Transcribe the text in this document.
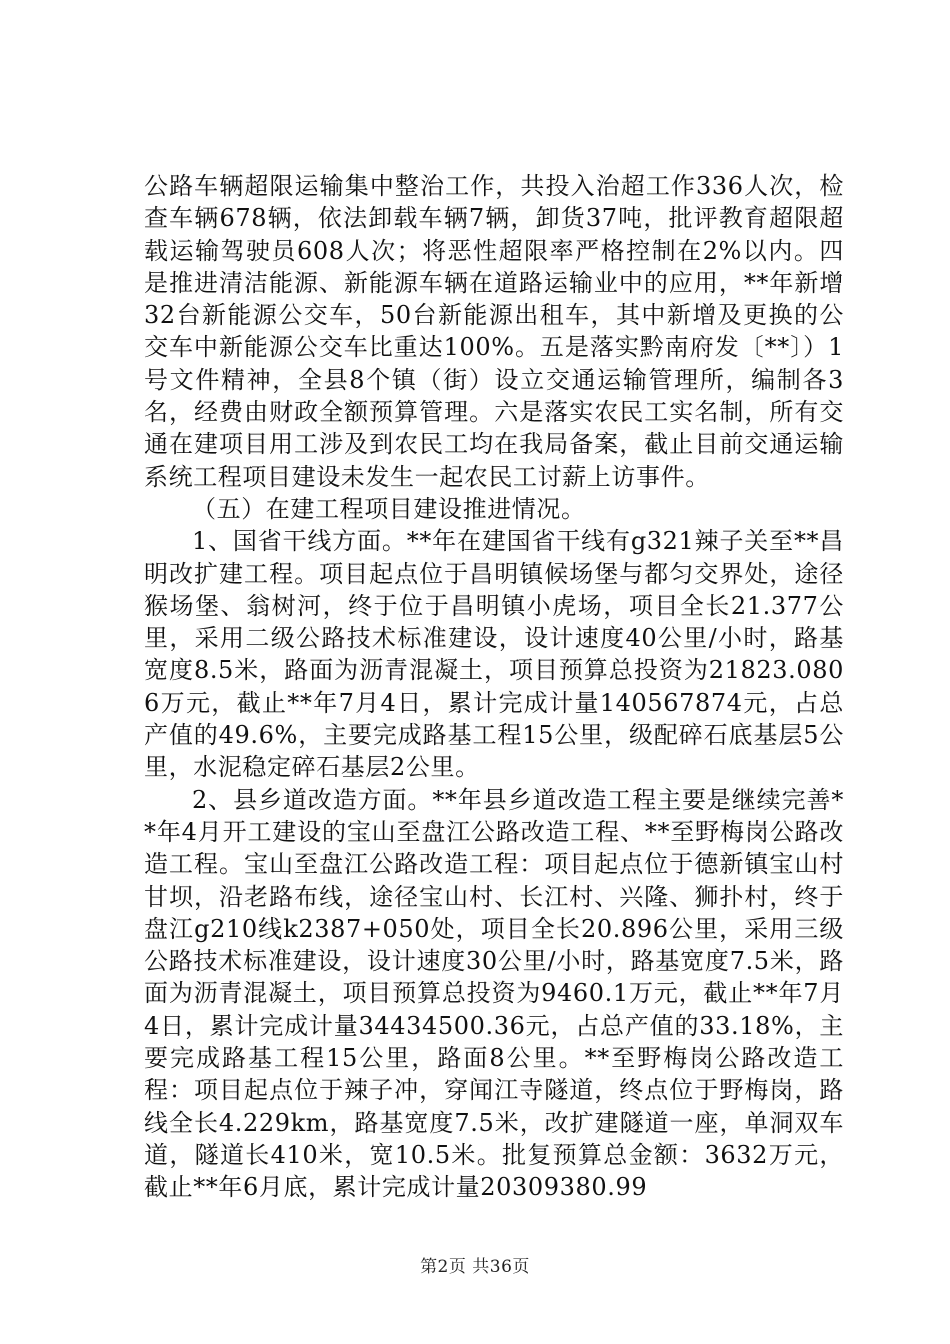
公路车辆超限运输集中整治工作，共投入治超工作336人次，检查车辆678辆，依法卸载车辆7辆，卸货37吨，批评教育超限超载运输驾驶员608人次；将恶性超限率严格控制在2%以内。四是推进清洁能源、新能源车辆在道路运输业中的应用，**年新增32台新能源公交车，50台新能源出租车，其中新增及更换的公交车中新能源公交车比重达100%。五是落实黔南府发〔**〕）1号文件精神，全县8个镇（街）设立交通运输管理所，编制各3名，经费由财政全额预算管理。六是落实农民工实名制，所有交通在建项目用工涉及到农民工均在我局备案，截止目前交通运输系统工程项目建设未发生一起农民工讨薪上访事件。

（五）在建工程项目建设推进情况。

1、国省干线方面。**年在建国省干线有g321辣子关至**昌明改扩建工程。项目起点位于昌明镇候场堡与都匀交界处，途径猴场堡、翁树河，终于位于昌明镇小虎场，项目全长21.377公里，采用二级公路技术标准建设，设计速度40公里/小时，路基宽度8.5米，路面为沥青混凝土，项目预算总投资为21823.0806万元，截止**年7月4日，累计完成计量140567874元，占总产值的49.6%，主要完成路基工程15公里，级配碎石底基层5公里，水泥稳定碎石基层2公里。

2、县乡道改造方面。**年县乡道改造工程主要是继续完善**年4月开工建设的宝山至盘江公路改造工程、**至野梅岗公路改造工程。宝山至盘江公路改造工程：项目起点位于德新镇宝山村甘坝，沿老路布线，途径宝山村、长江村、兴隆、狮扑村，终于盘江g210线k2387+050处，项目全长20.896公里，采用三级公路技术标准建设，设计速度30公里/小时，路基宽度7.5米，路面为沥青混凝土，项目预算总投资为9460.1万元，截止**年7月4日，累计完成计量34434500.36元，占总产值的33.18%，主要完成路基工程15公里，路面8公里。**至野梅岗公路改造工程：项目起点位于辣子冲，穿闻江寺隧道，终点位于野梅岗，路线全长4.229km，路基宽度7.5米，改扩建隧道一座，单洞双车道，隧道长410米，宽10.5米。批复预算总金额：3632万元，截止**年6月底，累计完成计量20309380.99

第2页 共36页
